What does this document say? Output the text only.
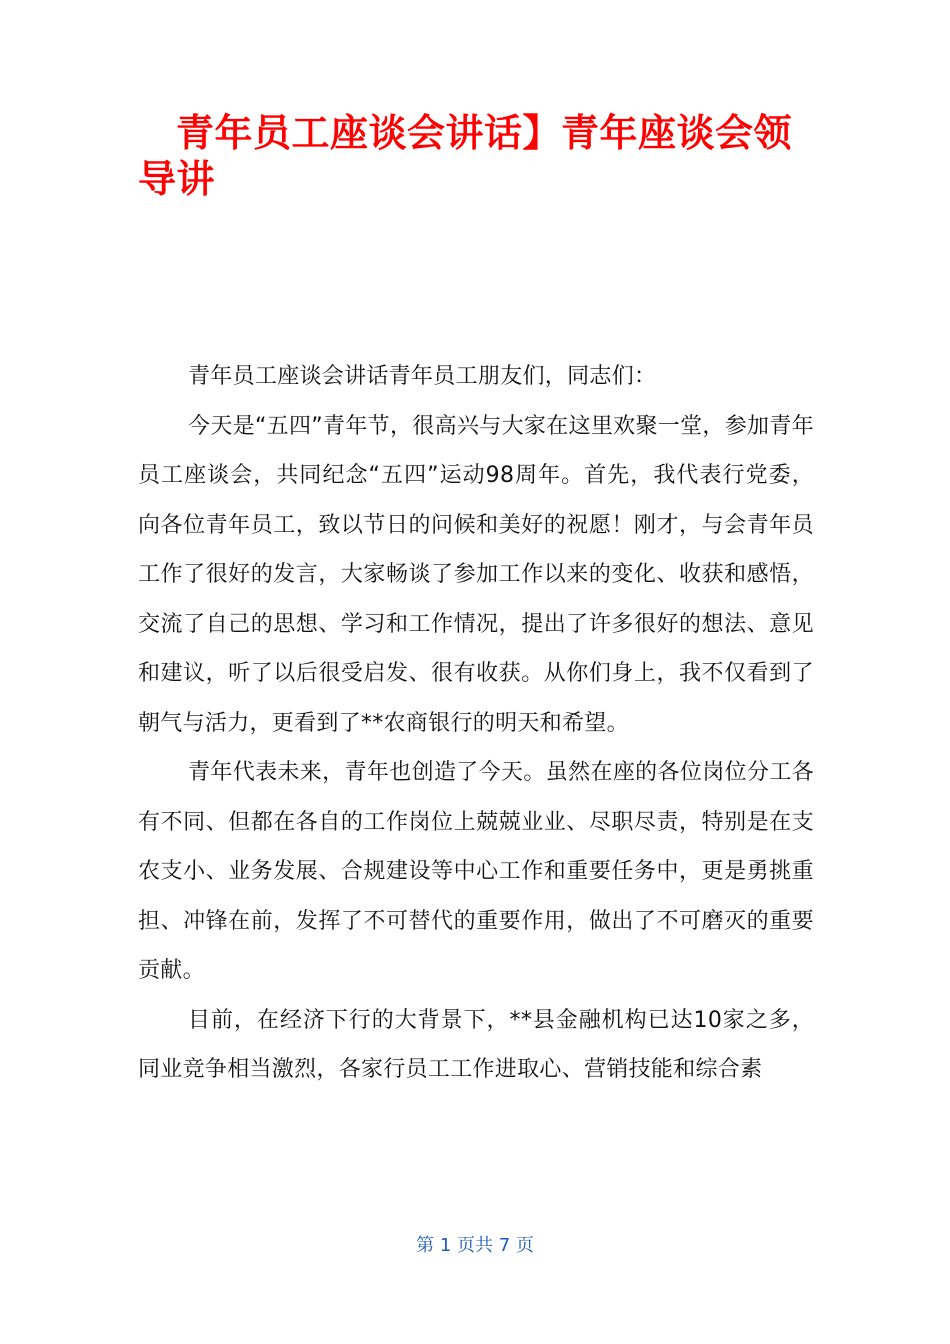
青年员工座谈会讲话】青年座谈会领导讲

青年员工座谈会讲话青年员工朋友们，同志们：

今天是“五四”青年节，很高兴与大家在这里欢聚一堂，参加青年员工座谈会，共同纪念“五四”运动98周年。首先，我代表行党委，向各位青年员工，致以节日的问候和美好的祝愿！刚才，与会青年员工作了很好的发言，大家畅谈了参加工作以来的变化、收获和感悟，交流了自己的思想、学习和工作情况，提出了许多很好的想法、意见和建议，听了以后很受启发、很有收获。从你们身上，我不仅看到了朝气与活力，更看到了**农商银行的明天和希望。

青年代表未来，青年也创造了今天。虽然在座的各位岗位分工各有不同、但都在各自的工作岗位上兢兢业业、尽职尽责，特别是在支农支小、业务发展、合规建设等中心工作和重要任务中，更是勇挑重担、冲锋在前，发挥了不可替代的重要作用，做出了不可磨灭的重要贡献。

目前，在经济下行的大背景下，**县金融机构已达10家之多，同业竞争相当激烈，各家行员工工作进取心、营销技能和综合素

第 1 页共 7 页
